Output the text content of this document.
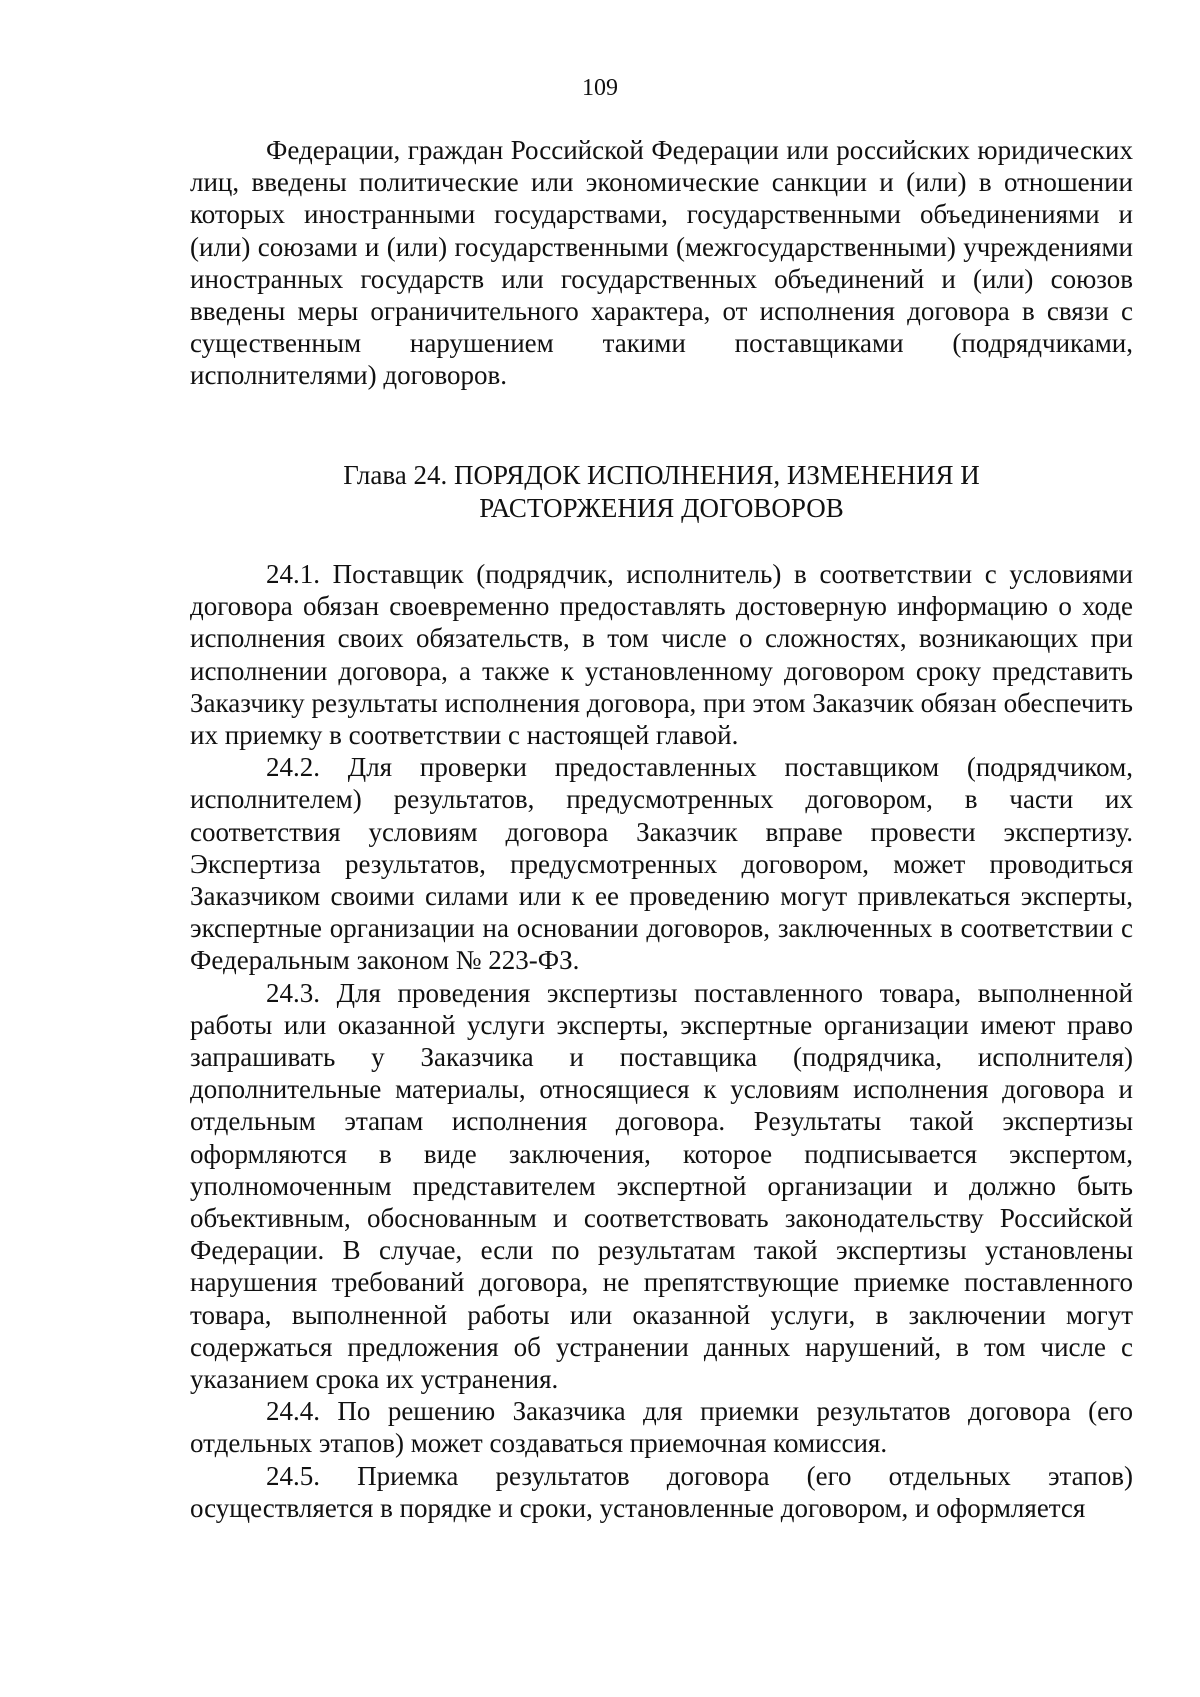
109

Федерации, граждан Российской Федерации или российских юридических лиц, введены политические или экономические санкции и (или) в отношении которых иностранными государствами, государственными объединениями и (или) союзами и (или) государственными (межгосударственными) учреждениями иностранных государств или государственных объединений и (или) союзов введены меры ограничительного характера, от исполнения договора в связи с существенным нарушением такими поставщиками (подрядчиками, исполнителями) договоров.

Глава 24. ПОРЯДОК ИСПОЛНЕНИЯ, ИЗМЕНЕНИЯ И
РАСТОРЖЕНИЯ ДОГОВОРОВ

24.1. Поставщик (подрядчик, исполнитель) в соответствии с условиями договора обязан своевременно предоставлять достоверную информацию о ходе исполнения своих обязательств, в том числе о сложностях, возникающих при исполнении договора, а также к установленному договором сроку представить Заказчику результаты исполнения договора, при этом Заказчик обязан обеспечить их приемку в соответствии с настоящей главой.

24.2. Для проверки предоставленных поставщиком (подрядчиком, исполнителем) результатов, предусмотренных договором, в части их соответствия условиям договора Заказчик вправе провести экспертизу. Экспертиза результатов, предусмотренных договором, может проводиться Заказчиком своими силами или к ее проведению могут привлекаться эксперты, экспертные организации на основании договоров, заключенных в соответствии с Федеральным законом № 223-ФЗ.

24.3. Для проведения экспертизы поставленного товара, выполненной работы или оказанной услуги эксперты, экспертные организации имеют право запрашивать у Заказчика и поставщика (подрядчика, исполнителя) дополнительные материалы, относящиеся к условиям исполнения договора и отдельным этапам исполнения договора. Результаты такой экспертизы оформляются в виде заключения, которое подписывается экспертом, уполномоченным представителем экспертной организации и должно быть объективным, обоснованным и соответствовать законодательству Российской Федерации. В случае, если по результатам такой экспертизы установлены нарушения требований договора, не препятствующие приемке поставленного товара, выполненной работы или оказанной услуги, в заключении могут содержаться предложения об устранении данных нарушений, в том числе с указанием срока их устранения.

24.4. По решению Заказчика для приемки результатов договора (его отдельных этапов) может создаваться приемочная комиссия.

24.5. Приемка результатов договора (его отдельных этапов) осуществляется в порядке и сроки, установленные договором, и оформляется
